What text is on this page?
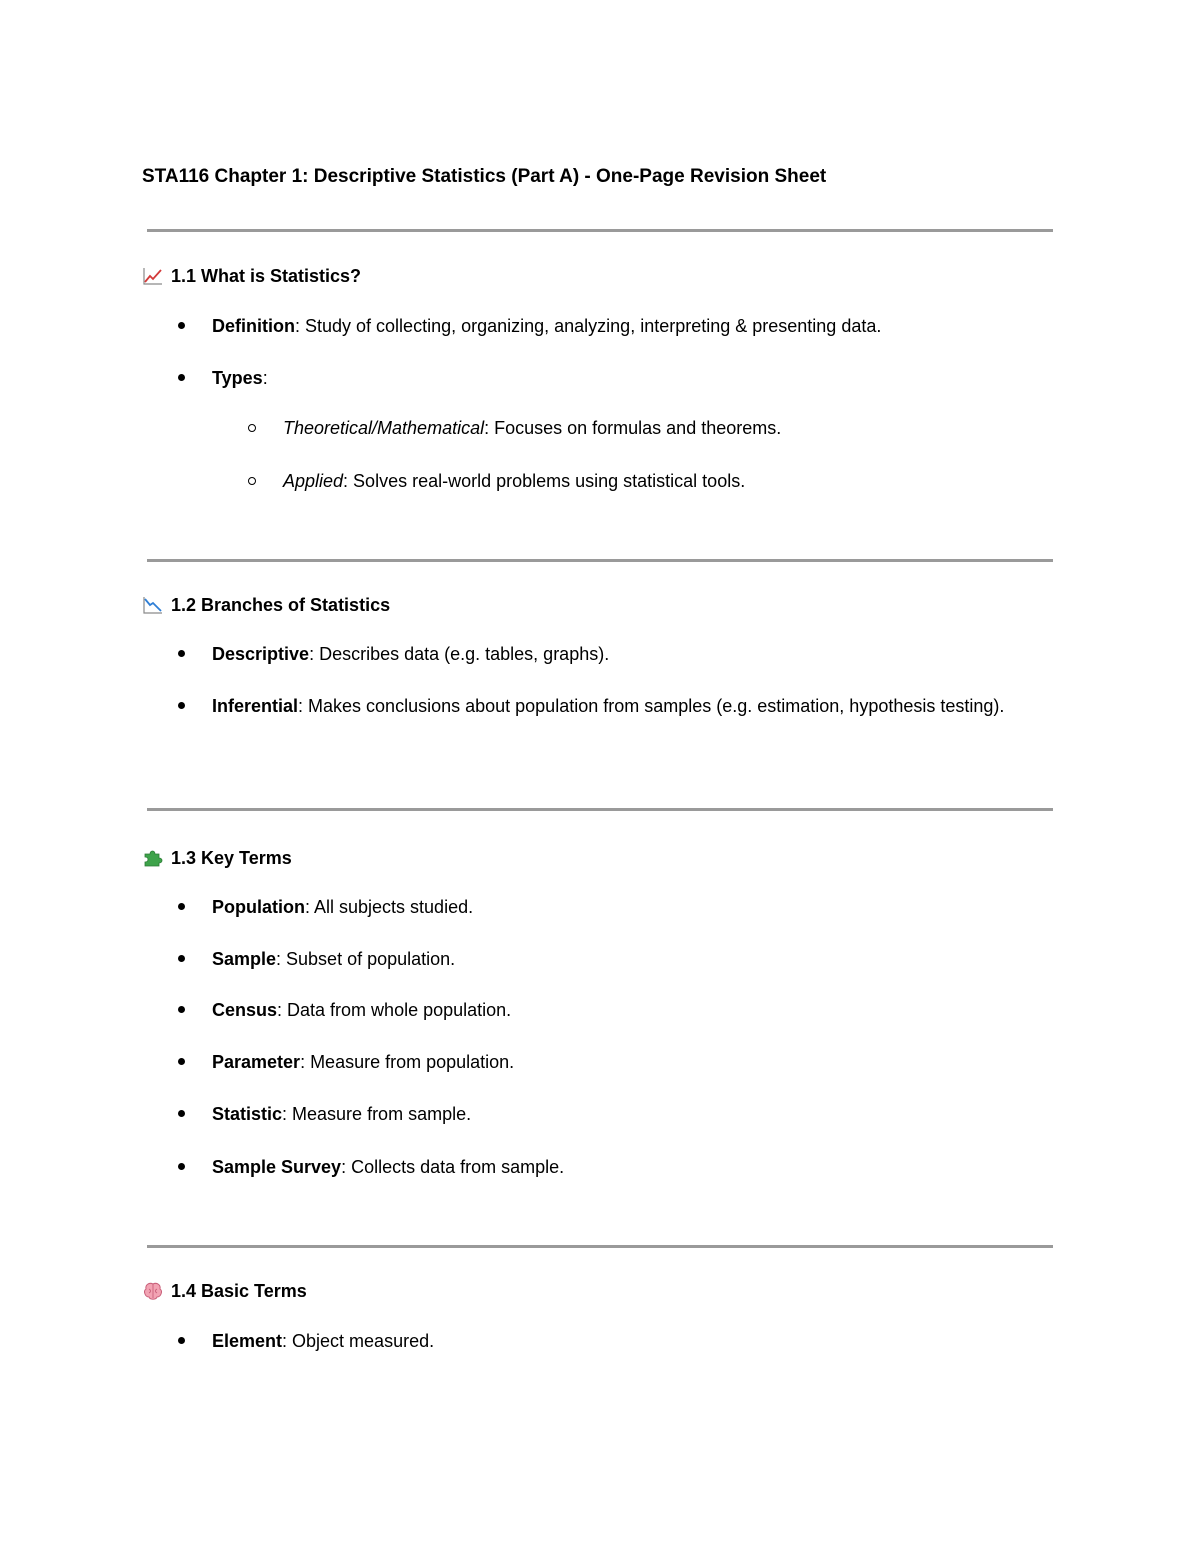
STA116 Chapter 1: Descriptive Statistics (Part A) - One-Page Revision Sheet
1.1 What is Statistics?
Definition: Study of collecting, organizing, analyzing, interpreting & presenting data.
Types:
Theoretical/Mathematical: Focuses on formulas and theorems.
Applied: Solves real-world problems using statistical tools.
1.2 Branches of Statistics
Descriptive: Describes data (e.g. tables, graphs).
Inferential: Makes conclusions about population from samples (e.g. estimation, hypothesis testing).
1.3 Key Terms
Population: All subjects studied.
Sample: Subset of population.
Census: Data from whole population.
Parameter: Measure from population.
Statistic: Measure from sample.
Sample Survey: Collects data from sample.
1.4 Basic Terms
Element: Object measured.
